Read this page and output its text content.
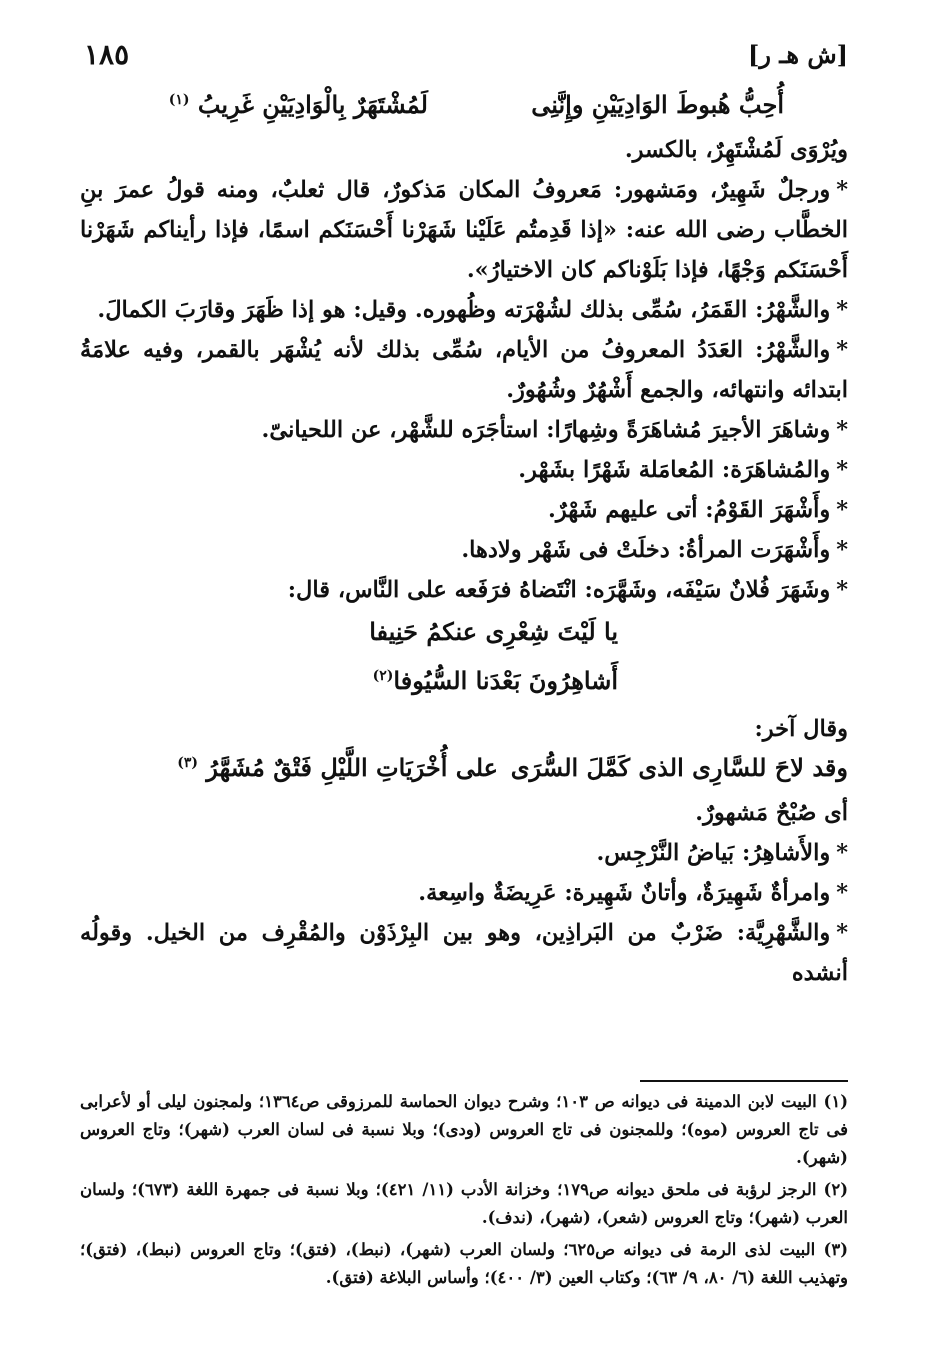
١٨٥	[ش هـ ر]
أُحِبُّ هُبوطَ الوَادِيَيْنِ وإِنَّنِى
لَمُشْتَهَرٌ بِالْوَادِيَيْنِ غَرِيبُ $^{(١)}$

ويُرْوَى لَمُشْتَهِرٌ، بالكسر.

*ورجلٌ شَهِيرٌ، ومَشهور: مَعروفُ المكان مَذكورٌ، قال ثعلبٌ، ومنه قولُ عمرَ بنِ الخطَّاب رضى الله عنه: «إذا قَدِمتُم عَلَيْنا شَهَرْنا أَحْسَنَكم اسمًا، فإذا رأيناكم شَهَرْنا أَحْسَنَكم وَجْهًا، فإذا بَلَوْناكم كان الاختيارُ».

*والشَّهْرُ: القَمَرُ، سُمِّى بذلك لشُهْرَته وظُهوره. وقيل: هو إذا ظَهَرَ وقارَبَ الكمالَ.

*والشَّهْرُ: العَدَدُ المعروفُ من الأيام، سُمِّى بذلك لأنه يُشْهَر بالقمر، وفيه علامَةُ ابتدائه وانتهائه، والجمع أَشْهُرٌ وشُهُورٌ.

*وشاهَرَ الأجيرَ مُشاهَرَةً وشِهارًا: استأجَرَه للشَّهْر، عن اللحيانىّ.

*والمُشاهَرَة: المُعامَلة شَهْرًا بشَهْر.

*وأَشْهَرَ القَوْمُ: أتى عليهم شَهْرٌ.

*وأَشْهَرَت المرأةُ: دخلَتْ فى شَهْر ولادها.

*وشَهَرَ فُلانٌ سَيْفَه، وشَهَّرَه: انْتَضاهُ فرَفَعه على النَّاس، قال:

يا لَيْتَ شِعْرِى عنكمُ حَنِيفا
أَشاهِرُونَ بَعْدَنا السُّيُوفا$^{(٢)}$

وقال آخر:

وقد لاحَ للسَّارِى الذى كَمَّلَ السُّرَى
على أُخْرَيَاتِ اللَّيْلِ فَتْقٌ مُشَهَّرُ $^{(٣)}$

أى صُبْحٌ مَشهورٌ.

*والأَشاهِرُ: بَياضُ النَّرْجِس.

*وامرأةٌ شَهِيرَةٌ، وأتانٌ شَهِيرة: عَرِيضَةٌ واسِعة.

*والشَّهْرِيَّة: ضَرْبٌ من البَراذِين، وهو بين البِرْذَوْن والمُقْرِف من الخيل. وقولُه أنشده

(١) البيت لابن الدمينة فى ديوانه ص ١٠٣؛ وشرح ديوان الحماسة للمرزوقى ص١٣٦٤؛ ولمجنون ليلى أو لأعرابى فى تاج العروس (موه)؛ وللمجنون فى تاج العروس (ودى)؛ وبلا نسبة فى لسان العرب (شهر)؛ وتاج العروس (شهر).

(٢) الرجز لرؤبة فى ملحق ديوانه ص١٧٩؛ وخزانة الأدب (١١/ ٤٢١)؛ وبلا نسبة فى جمهرة اللغة (٦٧٣)؛ ولسان العرب (شهر)؛ وتاج العروس (شعر)، (شهر)، (ندف).

(٣) البيت لذى الرمة فى ديوانه ص٦٢٥؛ ولسان العرب (شهر)، (نبط)، (فتق)؛ وتاج العروس (نبط)، (فتق)؛ وتهذيب اللغة (٦/ ٨٠، ٩/ ٦٣)؛ وكتاب العين (٣/ ٤٠٠)؛ وأساس البلاغة (فتق).
